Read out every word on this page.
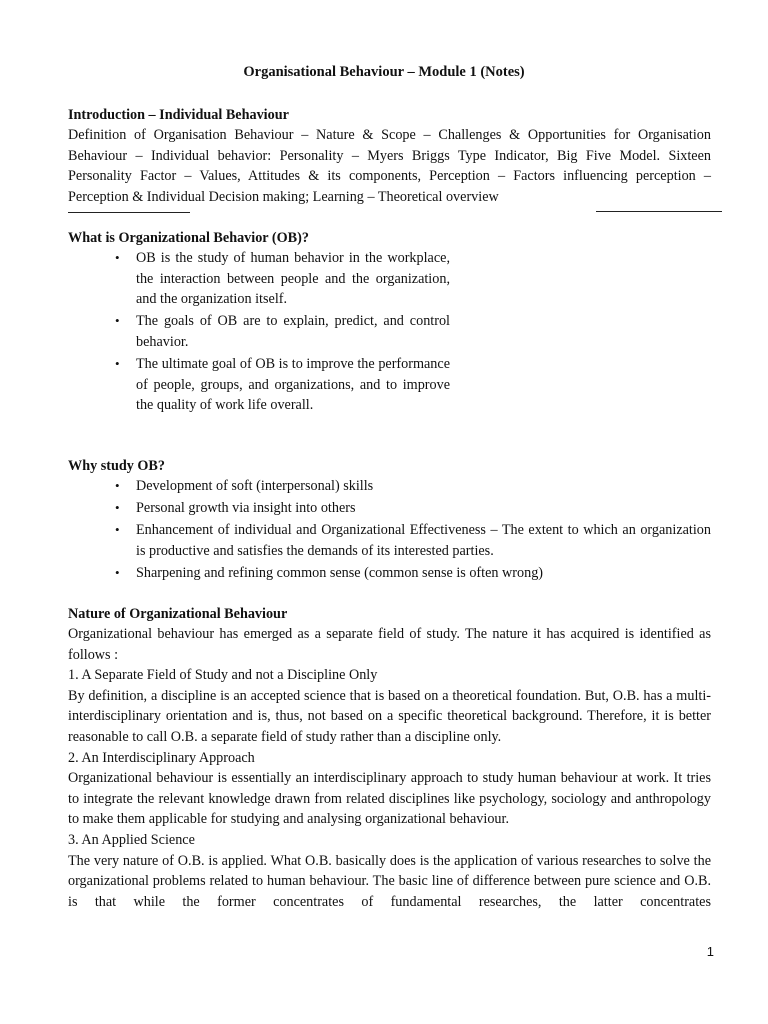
Organisational Behaviour – Module 1 (Notes)
Introduction – Individual Behaviour

Definition of Organisation Behaviour – Nature & Scope – Challenges & Opportunities for Organisation Behaviour – Individual behavior: Personality – Myers Briggs Type Indicator, Big Five Model. Sixteen Personality Factor – Values, Attitudes & its components, Perception – Factors influencing perception – Perception & Individual Decision making; Learning – Theoretical overview

What is Organizational Behavior (OB)?
• OB is the study of human behavior in the workplace, the interaction between people and the organization, and the organization itself.
• The goals of OB are to explain, predict, and control behavior.
• The ultimate goal of OB is to improve the performance of people, groups, and organizations, and to improve the quality of work life overall.
Why study OB?
• Development of soft (interpersonal) skills
• Personal growth via insight into others
• Enhancement of individual and Organizational Effectiveness – The extent to which an organization is productive and satisfies the demands of its interested parties.
• Sharpening and refining common sense (common sense is often wrong)
Nature of Organizational Behaviour

Organizational behaviour has emerged as a separate field of study. The nature it has acquired is identified as follows :

1. A Separate Field of Study and not a Discipline Only

By definition, a discipline is an accepted science that is based on a theoretical foundation. But, O.B. has a multi-interdisciplinary orientation and is, thus, not based on a specific theoretical background. Therefore, it is better reasonable to call O.B. a separate field of study rather than a discipline only.

2. An Interdisciplinary Approach

Organizational behaviour is essentially an interdisciplinary approach to study human behaviour at work. It tries to integrate the relevant knowledge drawn from related disciplines like psychology, sociology and anthropology to make them applicable for studying and analysing organizational behaviour.

3. An Applied Science

The very nature of O.B. is applied. What O.B. basically does is the application of various researches to solve the organizational problems related to human behaviour. The basic line of difference between pure science and O.B. is that while the former concentrates of fundamental researches, the latter concentrates

1
